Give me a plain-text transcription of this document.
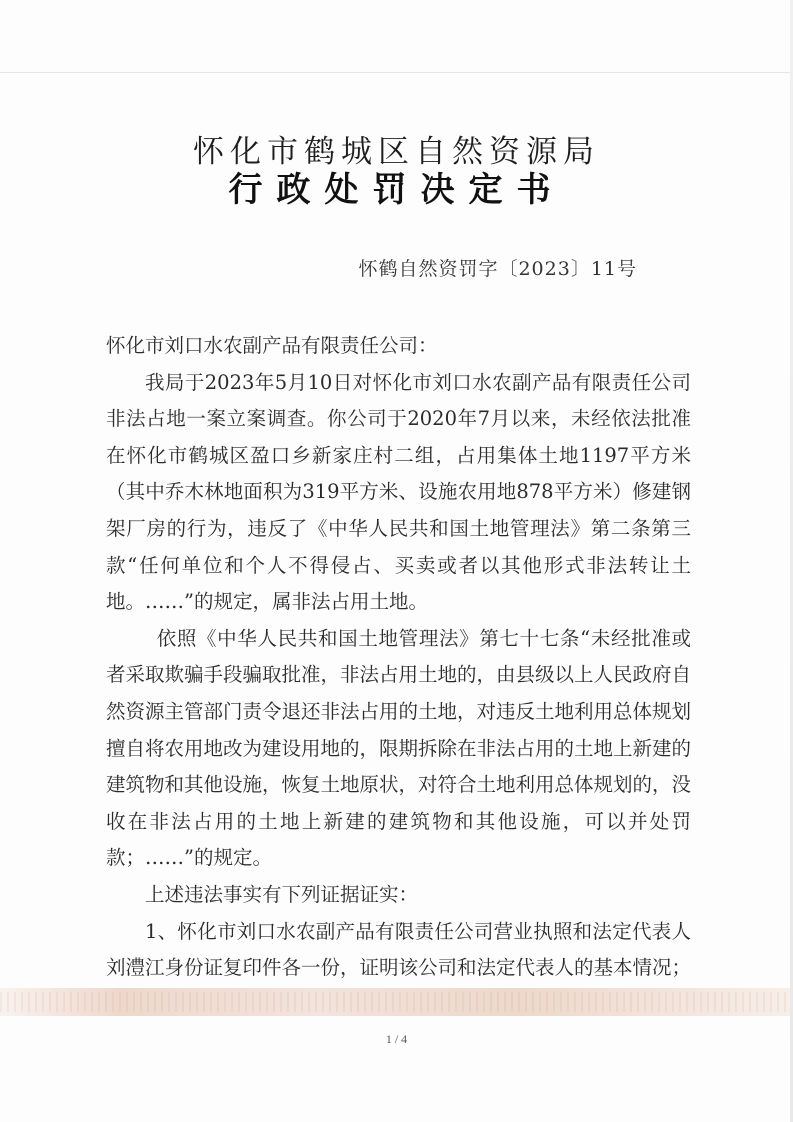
怀化市鹤城区自然资源局
行政处罚决定书
怀鹤自然资罚字〔2023〕11号

怀化市刘口水农副产品有限责任公司：

我局于2023年5月10日对怀化市刘口水农副产品有限责任公司非法占地一案立案调查。你公司于2020年7月以来，未经依法批准在怀化市鹤城区盈口乡新家庄村二组，占用集体土地1197平方米（其中乔木林地面积为319平方米、设施农用地878平方米）修建钢架厂房的行为，违反了《中华人民共和国土地管理法》第二条第三款“任何单位和个人不得侵占、买卖或者以其他形式非法转让土地。……”的规定，属非法占用土地。

依照《中华人民共和国土地管理法》第七十七条“未经批准或者采取欺骗手段骗取批准，非法占用土地的，由县级以上人民政府自然资源主管部门责令退还非法占用的土地，对违反土地利用总体规划擅自将农用地改为建设用地的，限期拆除在非法占用的土地上新建的建筑物和其他设施，恢复土地原状，对符合土地利用总体规划的，没收在非法占用的土地上新建的建筑物和其他设施，可以并处罚款；……”的规定。

上述违法事实有下列证据证实：

1、怀化市刘口水农副产品有限责任公司营业执照和法定代表人刘澧江身份证复印件各一份，证明该公司和法定代表人的基本情况；

1 / 4
